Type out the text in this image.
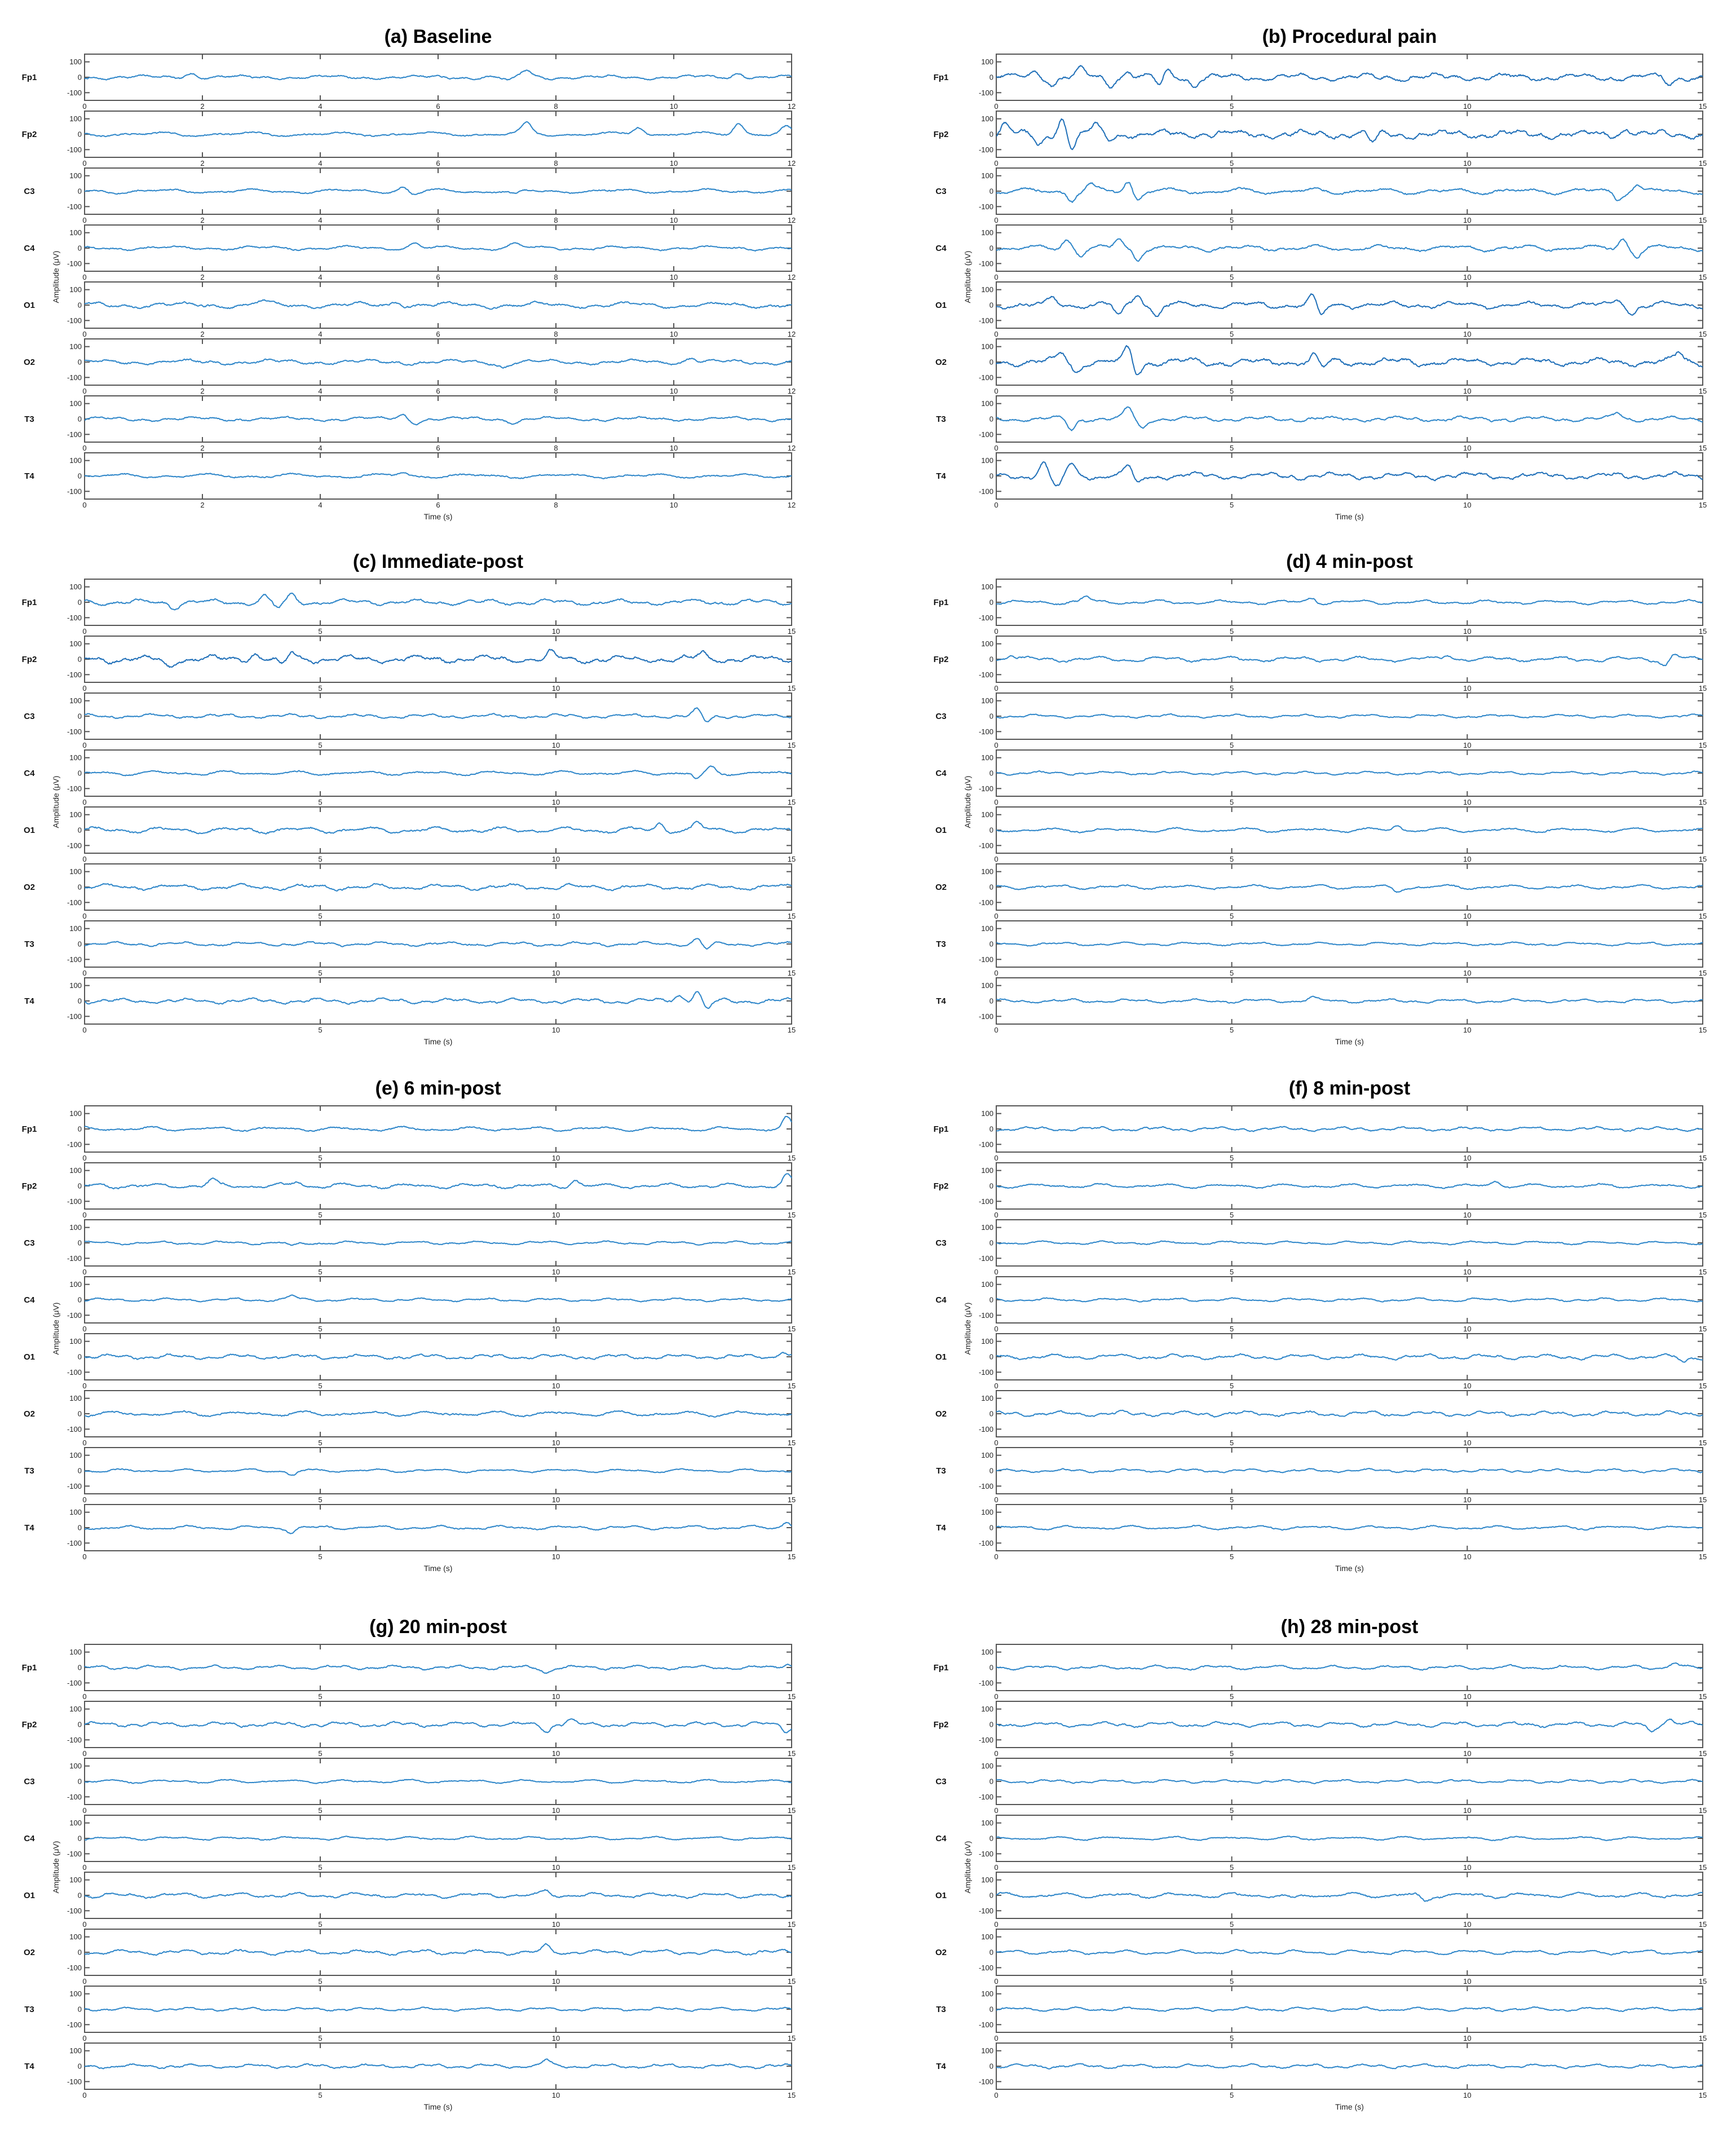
(a) Baseline
100
0
-100
0	2	4	6	8	10	12
Fp1
100
0
-100
0	2	4	6	8	10	12
Fp2
100
0
-100
0	2	4	6	8	10	12
C3
100
0
-100
0	2	4	6	8	10	12
C4
100
0
-100
0	2	4	6	8	10	12
O1
100
0
-100
0	2	4	6	8	10	12
O2
100
0
-100
0	2	4	6	8	10	12
T3
100
0
-100
0	2	4	6	8	10	12
T4
Time (s)
Amplitude (μV)
(b) Procedural pain
100
0
-100
0	5	10	15
Fp1
100
0
-100
0	5	10	15
Fp2
100
0
-100
0	5	10	15
C3
100
0
-100
0	5	10	15
C4
100
0
-100
0	5	10	15
O1
100
0
-100
0	5	10	15
O2
100
0
-100
0	5	10	15
T3
100
0
-100
0	5	10	15
T4
Time (s)
Amplitude (μV)
(c) Immediate-post
100
0
-100
0	5	10	15
Fp1
100
0
-100
0	5	10	15
Fp2
100
0
-100
0	5	10	15
C3
100
0
-100
0	5	10	15
C4
100
0
-100
0	5	10	15
O1
100
0
-100
0	5	10	15
O2
100
0
-100
0	5	10	15
T3
100
0
-100
0	5	10	15
T4
Time (s)
Amplitude (μV)
(d) 4 min-post
100
0
-100
0	5	10	15
Fp1
100
0
-100
0	5	10	15
Fp2
100
0
-100
0	5	10	15
C3
100
0
-100
0	5	10	15
C4
100
0
-100
0	5	10	15
O1
100
0
-100
0	5	10	15
O2
100
0
-100
0	5	10	15
T3
100
0
-100
0	5	10	15
T4
Time (s)
Amplitude (μV)
(e) 6 min-post
100
0
-100
0	5	10	15
Fp1
100
0
-100
0	5	10	15
Fp2
100
0
-100
0	5	10	15
C3
100
0
-100
0	5	10	15
C4
100
0
-100
0	5	10	15
O1
100
0
-100
0	5	10	15
O2
100
0
-100
0	5	10	15
T3
100
0
-100
0	5	10	15
T4
Time (s)
Amplitude (μV)
(f) 8 min-post
100
0
-100
0	5	10	15
Fp1
100
0
-100
0	5	10	15
Fp2
100
0
-100
0	5	10	15
C3
100
0
-100
0	5	10	15
C4
100
0
-100
0	5	10	15
O1
100
0
-100
0	5	10	15
O2
100
0
-100
0	5	10	15
T3
100
0
-100
0	5	10	15
T4
Time (s)
Amplitude (μV)
(g) 20 min-post
100
0
-100
0	5	10	15
Fp1
100
0
-100
0	5	10	15
Fp2
100
0
-100
0	5	10	15
C3
100
0
-100
0	5	10	15
C4
100
0
-100
0	5	10	15
O1
100
0
-100
0	5	10	15
O2
100
0
-100
0	5	10	15
T3
100
0
-100
0	5	10	15
T4
Time (s)
Amplitude (μV)
(h) 28 min-post
100
0
-100
0	5	10	15
Fp1
100
0
-100
0	5	10	15
Fp2
100
0
-100
0	5	10	15
C3
100
0
-100
0	5	10	15
C4
100
0
-100
0	5	10	15
O1
100
0
-100
0	5	10	15
O2
100
0
-100
0	5	10	15
T3
100
0
-100
0	5	10	15
T4
Time (s)
Amplitude (μV)
